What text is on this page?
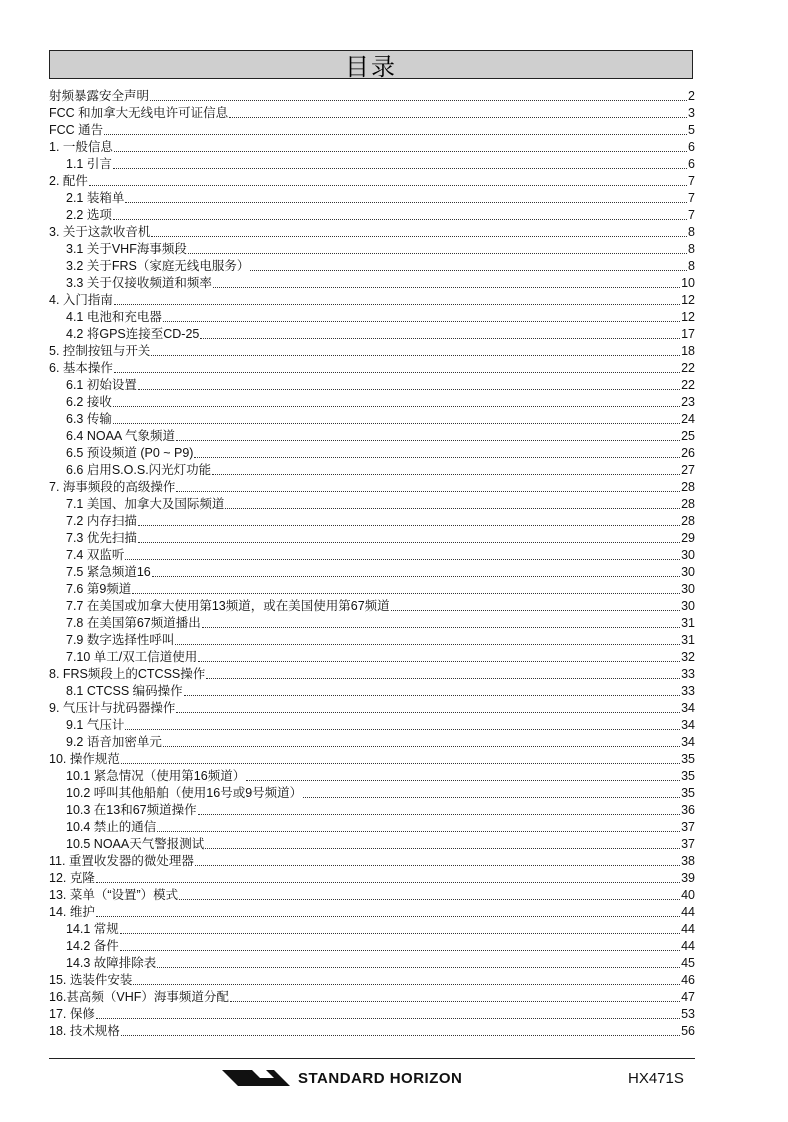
目录
射频暴露安全声明	2
FCC 和加拿大无线电许可证信息	3
FCC 通告	5
1. 一般信息	6
1.1 引言	6
2. 配件	7
2.1 装箱单	7
2.2 选项	7
3. 关于这款收音机	8
3.1 关于VHF海事频段	8
3.2 关于FRS（家庭无线电服务）	8
3.3 关于仅接收频道和频率	10
4. 入门指南	12
4.1 电池和充电器	12
4.2 将GPS连接至CD-25	17
5. 控制按钮与开关	18
6. 基本操作	22
6.1 初始设置	22
6.2 接收	23
6.3 传输	24
6.4 NOAA 气象频道	25
6.5 预设频道 (P0 ~ P9)	26
6.6 启用S.O.S.闪光灯功能	27
7. 海事频段的高级操作	28
7.1 美国、加拿大及国际频道	28
7.2 内存扫描	28
7.3 优先扫描	29
7.4 双监听	30
7.5 紧急频道16	30
7.6 第9频道	30
7.7 在美国或加拿大使用第13频道，或在美国使用第67频道	30
7.8 在美国第67频道播出	31
7.9 数字选择性呼叫	31
7.10 单工/双工信道使用	32
8. FRS频段上的CTCSS操作	33
8.1 CTCSS 编码操作	33
9. 气压计与扰码器操作	34
9.1 气压计	34
9.2 语音加密单元	34
10. 操作规范	35
10.1 紧急情况（使用第16频道）	35
10.2 呼叫其他船舶（使用16号或9号频道）	35
10.3 在13和67频道操作	36
10.4 禁止的通信	37
10.5 NOAA天气警报测试	37
11. 重置收发器的微处理器	38
12. 克隆	39
13. 菜单（“设置”）模式	40
14. 维护	44
14.1 常规	44
14.2 备件	44
14.3 故障排除表	45
15. 选装件安装	46
16.甚高频（VHF）海事频道分配	47
17. 保修	53
18. 技术规格	56
STANDARD HORIZON	HX471S
